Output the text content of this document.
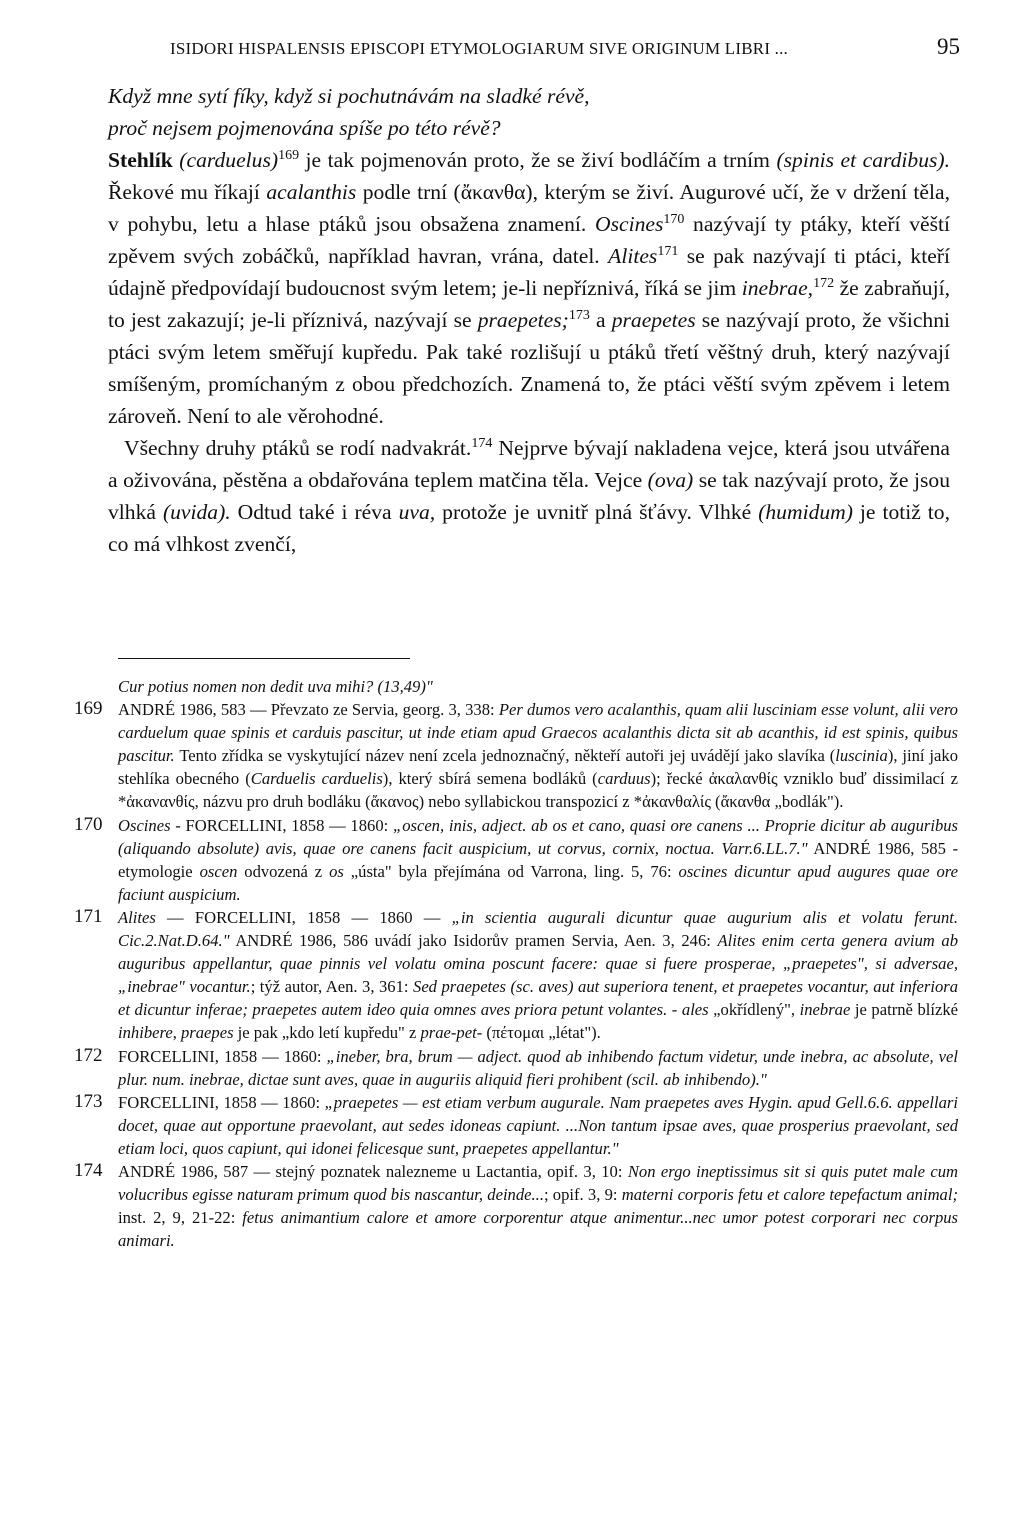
ISIDORI HISPALENSIS EPISCOPI ETYMOLOGIARUM SIVE ORIGINUM LIBRI ...	95

Když mne sytí fíky, když si pochutnávám na sladké révě,

proč nejsem pojmenována spíše po této révě?

Stehlík (carduelus)$^{169}$ je tak pojmenován proto, že se živí bodláčím a trním (spinis et cardibus). Řekové mu říkají acalanthis podle trní (ἄκανθα), kterým se živí. Augurové učí, že v držení těla, v pohybu, letu a hlase ptáků jsou obsažena znamení. Oscines$^{170}$ nazývají ty ptáky, kteří věští zpěvem svých zobáčků, například havran, vrána, datel. Alites$^{171}$ se pak nazývají ti ptáci, kteří údajně předpovídají budoucnost svým letem; je-li nepříznivá, říká se jim inebrae,$^{172}$ že zabraňují, to jest zakazují; je-li příznivá, nazývají se praepetes;$^{173}$ a praepetes se nazývají proto, že všichni ptáci svým letem směřují kupředu. Pak také rozlišují u ptáků třetí věštný druh, který nazývají smíšeným, promíchaným z obou předchozích. Znamená to, že ptáci věští svým zpěvem i letem zároveň. Není to ale věrohodné.

Všechny druhy ptáků se rodí nadvakrát.$^{174}$ Nejprve bývají nakladena vejce, která jsou utvářena a oživována, pěstěna a obdařována teplem matčina těla. Vejce (ova) se tak nazývají proto, že jsou vlhká (uvida). Odtud také i réva uva, protože je uvnitř plná šťávy. Vlhké (humidum) je totiž to, co má vlhkost zvenčí,

Cur potius nomen non dedit uva mihi? (13,49)"
169 ANDRÉ 1986, 583 — Převzato ze Servia, georg. 3, 338: Per dumos vero acalanthis, quam alii lusciniam esse volunt, alii vero carduelum quae spinis et carduis pascitur, ut inde etiam apud Graecos acalanthis dicta sit ab acanthis, id est spinis, quibus pascitur. Tento zřídka se vyskytující název není zcela jednoznačný, někteří autoři jej uvádějí jako slavíka (luscinia), jiní jako stehlíka obecného (Carduelis carduelis), který sbírá semena bodláků (carduus); řecké ἀκαλανθίς vzniklo buď dissimilací z *ἀκανανθίς, názvu pro druh bodláku (ἄκανος) nebo syllabickou transpozicí z *ἀκανθαλίς (ἄκανθα „bodlák").
170 Oscines - FORCELLINI, 1858 — 1860: „oscen, inis, adject. ab os et cano, quasi ore canens ... Proprie dicitur ab auguribus (aliquando absolute) avis, quae ore canens facit auspicium, ut corvus, cornix, noctua. Varr.6.LL.7." ANDRÉ 1986, 585 - etymologie oscen odvozená z os „ústa" byla přejímána od Varrona, ling. 5, 76: oscines dicuntur apud augures quae ore faciunt auspicium.
171 Alites — FORCELLINI, 1858 — 1860 — „in scientia augurali dicuntur quae augurium alis et volatu ferunt. Cic.2.Nat.D.64." ANDRÉ 1986, 586 uvádí jako Isidorův pramen Servia, Aen. 3, 246: Alites enim certa genera avium ab auguribus appellantur, quae pinnis vel volatu omina poscunt facere: quae si fuere prosperae, „praepetes", si adversae, „inebrae" vocantur.; týž autor, Aen. 3, 361: Sed praepetes (sc. aves) aut superiora tenent, et praepetes vocantur, aut inferiora et dicuntur inferae; praepetes autem ideo quia omnes aves priora petunt volantes. - ales „okřídlený", inebrae je patrně blízké inhibere, praepes je pak „kdo letí kupředu" z prae-pet- (πέτομαι „létat").
172 FORCELLINI, 1858 — 1860: „ineber, bra, brum — adject. quod ab inhibendo factum videtur, unde inebra, ac absolute, vel plur. num. inebrae, dictae sunt aves, quae in auguriis aliquid fieri prohibent (scil. ab inhibendo)."
173 FORCELLINI, 1858 — 1860: „praepetes — est etiam verbum augurale. Nam praepetes aves Hygin. apud Gell.6.6. appellari docet, quae aut opportune praevolant, aut sedes idoneas capiunt. ...Non tantum ipsae aves, quae prosperius praevolant, sed etiam loci, quos capiunt, qui idonei felicesque sunt, praepetes appellantur."
174 ANDRÉ 1986, 587 — stejný poznatek nalezneme u Lactantia, opif. 3, 10: Non ergo ineptissimus sit si quis putet male cum volucribus egisse naturam primum quod bis nascantur, deinde...; opif. 3, 9: materni corporis fetu et calore tepefactum animal; inst. 2, 9, 21-22: fetus animantium calore et amore corporentur atque animentur...nec umor potest corporari nec corpus animari.
